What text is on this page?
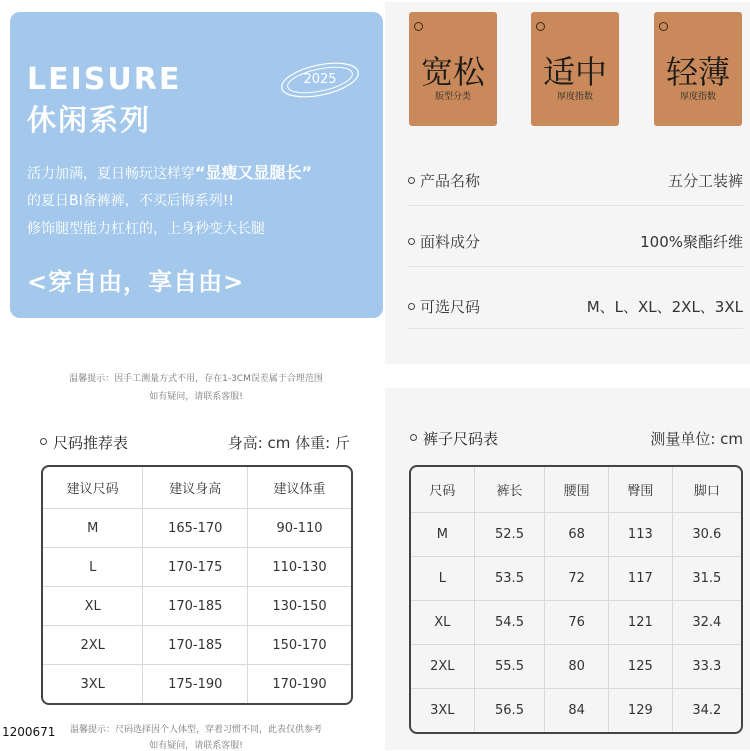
LEISURE
休闲系列
2025
活力加满，夏日畅玩这样穿“显瘦又显腿长”
的夏日BI备裤裤，不买后悔系列!!
修饰腿型能力杠杠的，上身秒变大长腿
<穿自由，享自由>
宽松
版型分类
适中
厚度指数
轻薄
厚度指数
产品名称	五分工装裤
面料成分	100%聚酯纤维
可选尺码	M、L、XL、2XL、3XL
温馨提示：因手工测量方式不用，存在1-3CM误差属于合理范围
如有疑问，请联系客服!
尺码推荐表	身高: cm 体重: 斤
建议尺码	建议身高	建议体重
M	165-170	90-110
L	170-175	110-130
XL	170-185	130-150
2XL	170-185	150-170
3XL	175-190	170-190
温馨提示：尺码选择因个人体型，穿着习惯不同，此表仅供参考
如有疑问，请联系客服!
裤子尺码表	测量单位: cm
尺码	裤长	腰围	臀围	脚口
M	52.5	68	113	30.6
L	53.5	72	117	31.5
XL	54.5	76	121	32.4
2XL	55.5	80	125	33.3
3XL	56.5	84	129	34.2
1200671
